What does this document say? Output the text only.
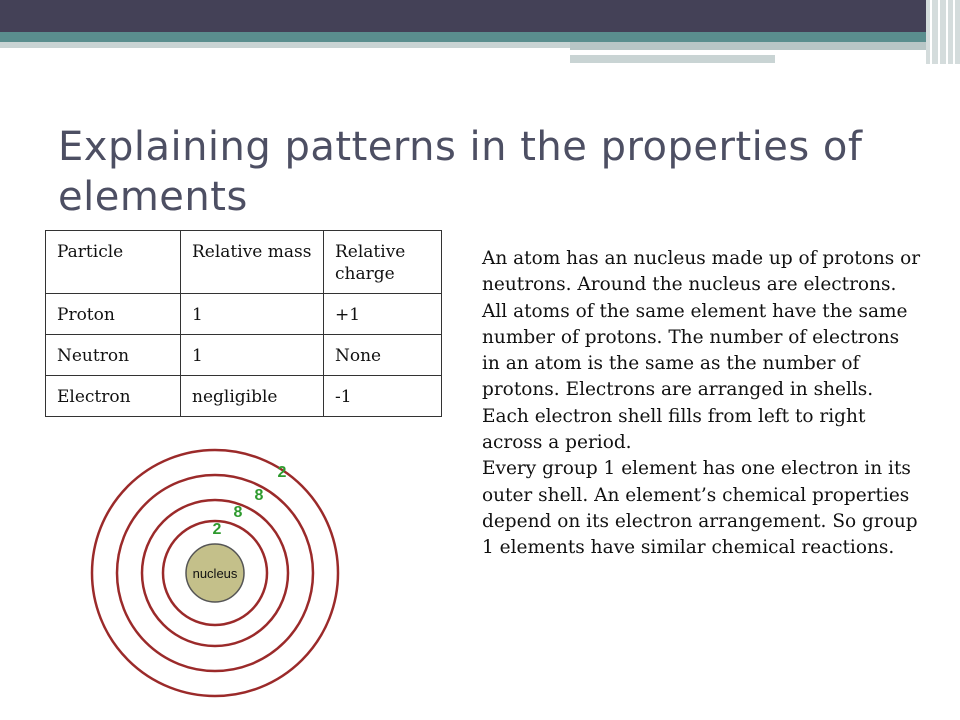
Explaining patterns in the properties of elements
Particle	Relative mass	Relative charge
Proton	1	+1
Neutron	1	None
Electron	negligible	-1
nucleus
2
8
8
2
An atom has an nucleus made up of protons or neutrons. Around the nucleus are electrons. All atoms of the same element have the same number of protons. The number of electrons in an atom is the same as the number of protons. Electrons are arranged in shells. Each electron shell fills from left to right across a period.
Every group 1 element has one electron in its outer shell. An element’s chemical properties depend on its electron arrangement. So group 1 elements have similar chemical reactions.
